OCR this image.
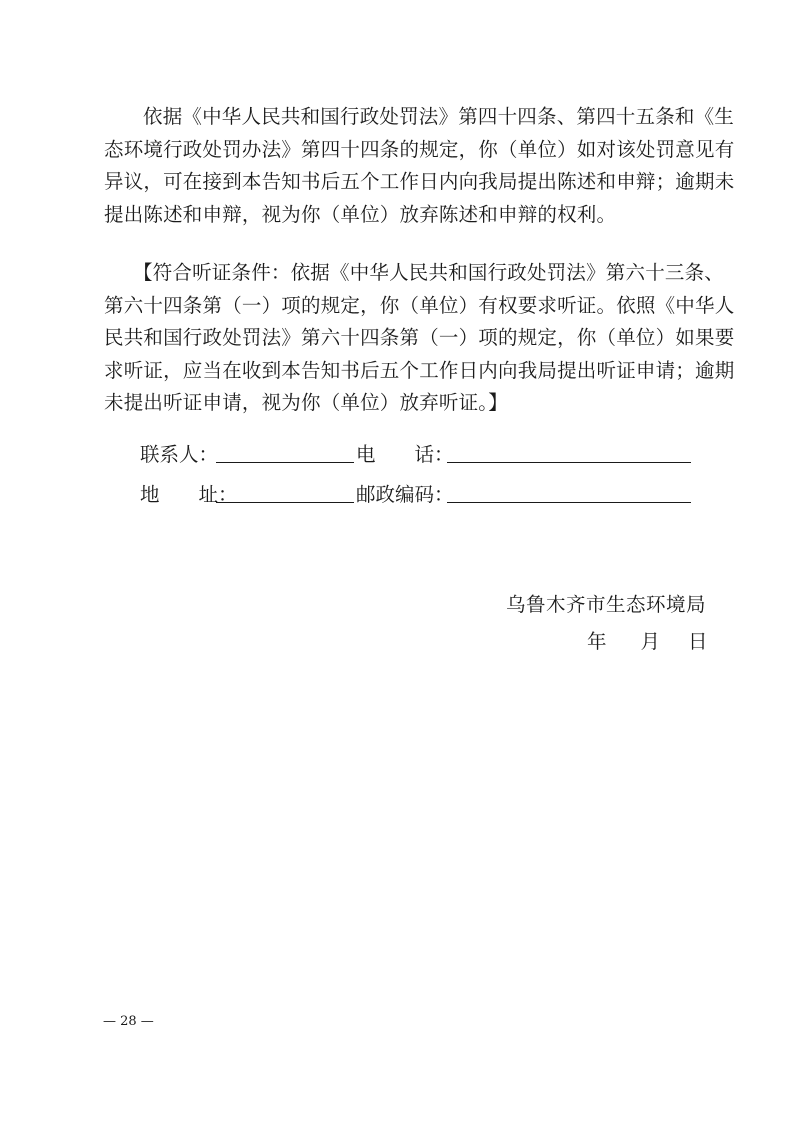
依据《中华人民共和国行政处罚法》第四十四条、第四十五条和《生
态环境行政处罚办法》第四十四条的规定，你（单位）如对该处罚意见有
异议，可在接到本告知书后五个工作日内向我局提出陈述和申辩；逾期未
提出陈述和申辩，视为你（单位）放弃陈述和申辩的权利。
【符合听证条件：依据《中华人民共和国行政处罚法》第六十三条、
第六十四条第（一）项的规定，你（单位）有权要求听证。依照《中华人
民共和国行政处罚法》第六十四条第（一）项的规定，你（单位）如果要
求听证，应当在收到本告知书后五个工作日内向我局提出听证申请；逾期
未提出听证申请，视为你（单位）放弃听证。】
联系人：	电　　话：
地　　址：	邮政编码：
乌鲁木齐市生态环境局
年 月 日
— 28 —
